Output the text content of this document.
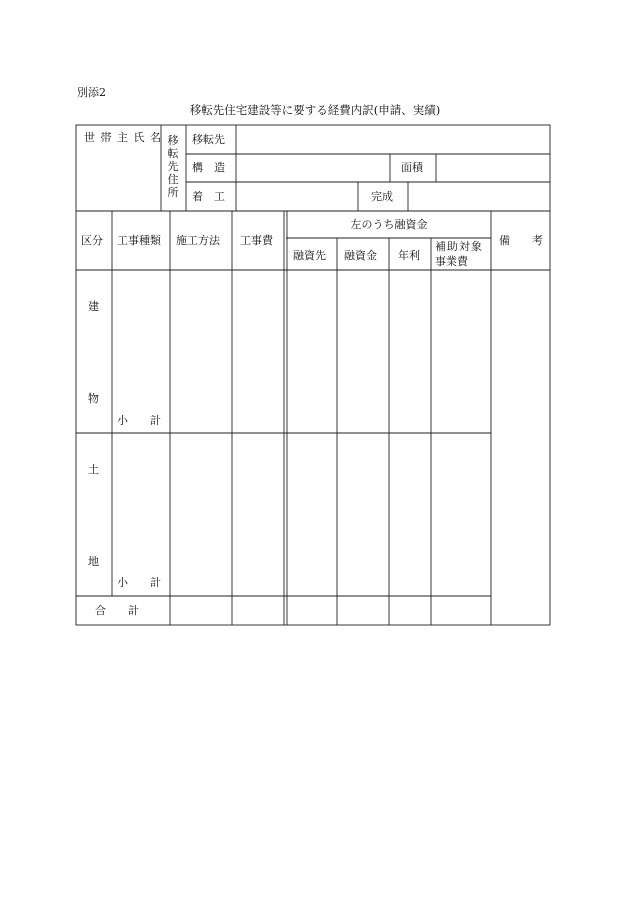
別添2
移転先住宅建設等に要する経費内訳(申請、実績)
世 帯 主 氏 名 移転先住所
移転先
構　造	面積
着　工	完成
区分 工事種類 施工方法 工事費
左のうち融資金
融資先 融資金 年利
補助対象
事業費
備　　考
建
物
小　　計
土
地
小　　計
合　　計
